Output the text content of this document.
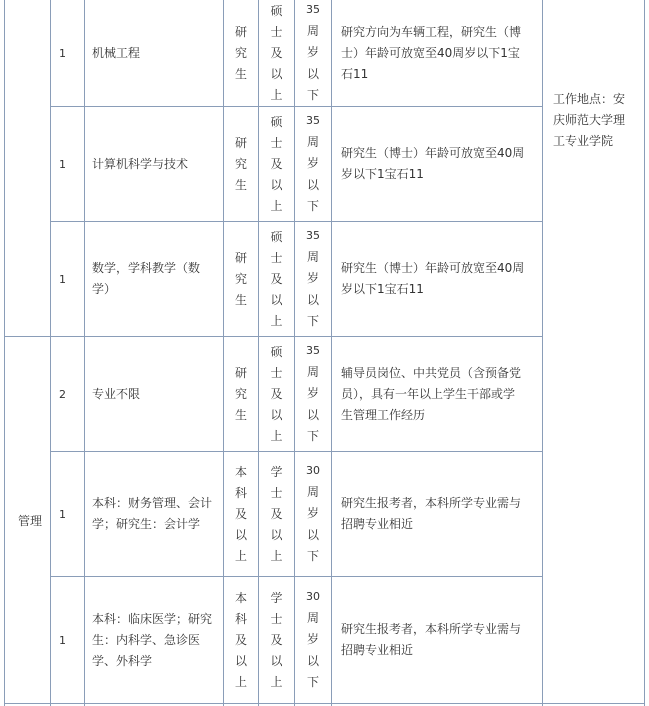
1 机械工程
研究生
硕士及以上
35
周岁以下
研究方向为车辆工程，研究生（博士）年龄可放宽至40周岁以下1宝石11
1 计算机科学与技术
研究生
硕士及以上
35
周岁以下
研究生（博士）年龄可放宽至40周岁以下1宝石11
1
数学，学科教学（数学）
研究生
硕士及以上
35
周岁以下
研究生（博士）年龄可放宽至40周岁以下1宝石11
2 专业不限
研究生
硕士及以上
35
周岁以下
辅导员岗位、中共党员（含预备党员），具有一年以上学生干部或学生管理工作经历
1
本科：财务管理、会计学；研究生：会计学
本科及以上
学士及以上
30
周岁以下
研究生报考者，本科所学专业需与招聘专业相近
1
本科：临床医学；研究生：内科学、急诊医学、外科学
本科及以上
学士及以上
30
周岁以下
研究生报考者，本科所学专业需与招聘专业相近
管理
工作地点：安庆师范大学理工专业学院
